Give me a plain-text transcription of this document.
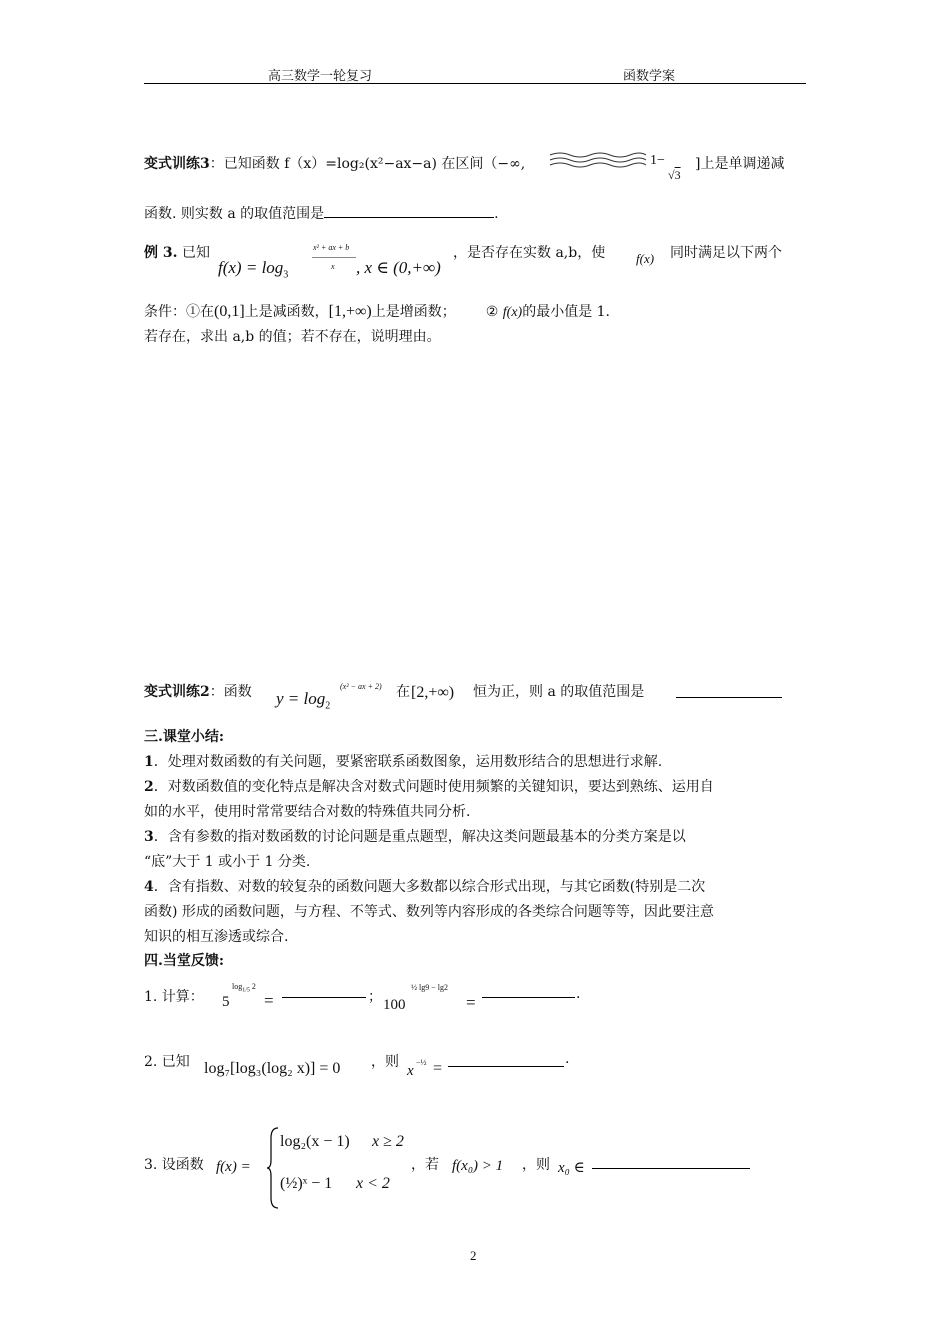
高三数学一轮复习	函数学案
变式训练3：已知函数 f（x）=log₂(x²−ax−a) 在区间（−∞,	1−
√3
]上是单调递减
函数. 则实数 a 的取值范围是	.
例 3. 已知
$f(x) = \log_3$
x² + ax + b
x , x ∈ (0,+∞)
，是否存在实数 a,b，使 f(x) 同时满足以下两个
条件：①在(0,1]上是减函数，[1,+∞)上是增函数； ② f(x)的最小值是 1.
若存在，求出 a,b 的值；若不存在，说明理由。
变式训练2：函数 $y = \log_2$
(x² − ax + 2) 在 [2,+∞) 恒为正，则 a 的取值范围是
三.课堂小结:
1．处理对数函数的有关问题，要紧密联系函数图象，运用数形结合的思想进行求解.
2．对数函数值的变化特点是解决含对数式问题时使用频繁的关键知识，要达到熟练、运用自
如的水平，使用时常常要结合对数的特殊值共同分析.
3．含有参数的指对数函数的讨论问题是重点题型，解决这类问题最基本的分类方案是以
“底”大于 1 或小于 1 分类.
4．含有指数、对数的较复杂的函数问题大多数都以综合形式出现，与其它函数(特别是二次
函数) 形成的函数问题，与方程、不等式、数列等内容形成的各类综合问题等等，因此要注意
知识的相互渗透或综合.
四.当堂反馈:
1. 计算： 5
$\log_{1/5} 2$
=	； 100
½ lg9 − lg2
=	.
2. 已知 log₇[log₃(log₂ x)] = 0 ，则
x
−½ =
.
3. 设函数 f(x) =
log₂(x − 1) x ≥ 2
(½)ˣ − 1 x < 2
，若 f(x₀) > 1 ，则 x₀ ∈
2
